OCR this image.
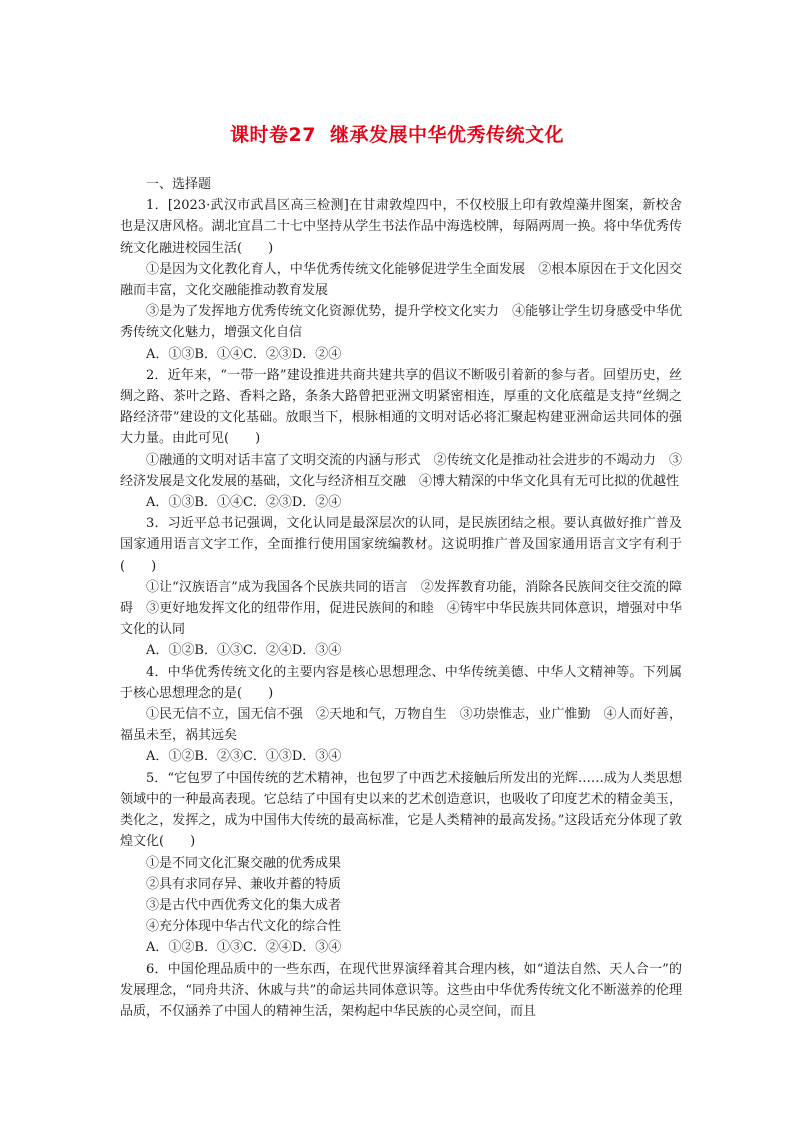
课时卷27 继承发展中华优秀传统文化

一、选择题

1．[2023·武汉市武昌区高三检测]在甘肃敦煌四中，不仅校服上印有敦煌藻井图案，新校舍也是汉唐风格。湖北宜昌二十七中坚持从学生书法作品中海选校牌，每隔两周一换。将中华优秀传统文化融进校园生活(　　)

①是因为文化教化育人，中华优秀传统文化能够促进学生全面发展　②根本原因在于文化因交融而丰富，文化交融能推动教育发展

③是为了发挥地方优秀传统文化资源优势，提升学校文化实力　④能够让学生切身感受中华优秀传统文化魅力，增强文化自信

A．①③B．①④C．②③D．②④

2．近年来，“一带一路”建设推进共商共建共享的倡议不断吸引着新的参与者。回望历史，丝绸之路、茶叶之路、香料之路，条条大路曾把亚洲文明紧密相连，厚重的文化底蕴是支持“丝绸之路经济带”建设的文化基础。放眼当下，根脉相通的文明对话必将汇聚起构建亚洲命运共同体的强大力量。由此可见(　　)

①融通的文明对话丰富了文明交流的内涵与形式　②传统文化是推动社会进步的不竭动力　③经济发展是文化发展的基础，文化与经济相互交融　④博大精深的中华文化具有无可比拟的优越性

A．①③B．①④C．②③D．②④

3．习近平总书记强调，文化认同是最深层次的认同，是民族团结之根。要认真做好推广普及国家通用语言文字工作，全面推行使用国家统编教材。这说明推广普及国家通用语言文字有利于(　　)

①让“汉族语言”成为我国各个民族共同的语言　②发挥教育功能，消除各民族间交往交流的障碍　③更好地发挥文化的纽带作用，促进民族间的和睦　④铸牢中华民族共同体意识，增强对中华文化的认同

A．①②B．①③C．②④D．③④

4．中华优秀传统文化的主要内容是核心思想理念、中华传统美德、中华人文精神等。下列属于核心思想理念的是(　　)

①民无信不立，国无信不强　②天地和气，万物自生　③功崇惟志，业广惟勤　④人而好善，福虽未至，祸其远矣

A．①②B．②③C．①③D．③④

5．“它包罗了中国传统的艺术精神，也包罗了中西艺术接触后所发出的光辉……成为人类思想领域中的一种最高表现。它总结了中国有史以来的艺术创造意识，也吸收了印度艺术的精金美玉，类化之，发挥之，成为中国伟大传统的最高标准，它是人类精神的最高发扬。”这段话充分体现了敦煌文化(　　)

①是不同文化汇聚交融的优秀成果

②具有求同存异、兼收并蓄的特质

③是古代中西优秀文化的集大成者

④充分体现中华古代文化的综合性

A．①②B．①③C．②④D．③④

6．中国伦理品质中的一些东西，在现代世界演绎着其合理内核，如“道法自然、天人合一”的发展理念，“同舟共济、休戚与共”的命运共同体意识等。这些由中华优秀传统文化不断滋养的伦理品质，不仅涵养了中国人的精神生活，架构起中华民族的心灵空间，而且
